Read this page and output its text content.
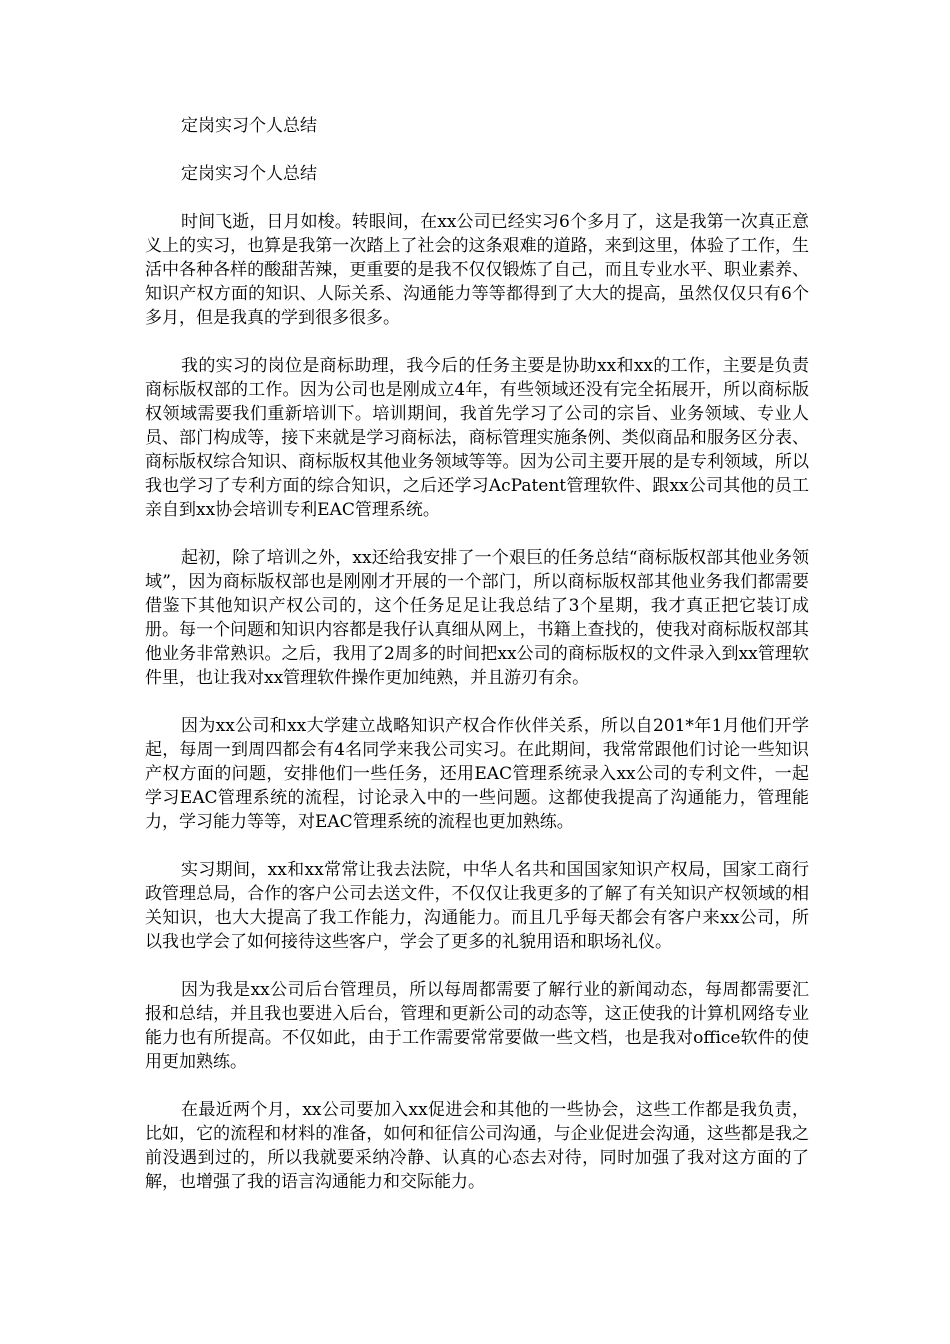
定岗实习个人总结

定岗实习个人总结

时间飞逝，日月如梭。转眼间，在xx公司已经实习6个多月了，这是我第一次真正意义上的实习，也算是我第一次踏上了社会的这条艰难的道路，来到这里，体验了工作，生活中各种各样的酸甜苦辣，更重要的是我不仅仅锻炼了自己，而且专业水平、职业素养、知识产权方面的知识、人际关系、沟通能力等等都得到了大大的提高，虽然仅仅只有6个多月，但是我真的学到很多很多。

我的实习的岗位是商标助理，我今后的任务主要是协助xx和xx的工作，主要是负责商标版权部的工作。因为公司也是刚成立4年，有些领域还没有完全拓展开，所以商标版权领域需要我们重新培训下。培训期间，我首先学习了公司的宗旨、业务领域、专业人员、部门构成等，接下来就是学习商标法，商标管理实施条例、类似商品和服务区分表、商标版权综合知识、商标版权其他业务领域等等。因为公司主要开展的是专利领域，所以我也学习了专利方面的综合知识，之后还学习AcPatent管理软件、跟xx公司其他的员工亲自到xx协会培训专利EAC管理系统。

起初，除了培训之外，xx还给我安排了一个艰巨的任务总结“商标版权部其他业务领域”，因为商标版权部也是刚刚才开展的一个部门，所以商标版权部其他业务我们都需要借鉴下其他知识产权公司的，这个任务足足让我总结了3个星期，我才真正把它装订成册。每一个问题和知识内容都是我仔认真细从网上，书籍上查找的，使我对商标版权部其他业务非常熟识。之后，我用了2周多的时间把xx公司的商标版权的文件录入到xx管理软件里，也让我对xx管理软件操作更加纯熟，并且游刃有余。

因为xx公司和xx大学建立战略知识产权合作伙伴关系，所以自201*年1月他们开学起，每周一到周四都会有4名同学来我公司实习。在此期间，我常常跟他们讨论一些知识产权方面的问题，安排他们一些任务，还用EAC管理系统录入xx公司的专利文件，一起学习EAC管理系统的流程，讨论录入中的一些问题。这都使我提高了沟通能力，管理能力，学习能力等等，对EAC管理系统的流程也更加熟练。

实习期间，xx和xx常常让我去法院，中华人名共和国国家知识产权局，国家工商行政管理总局，合作的客户公司去送文件，不仅仅让我更多的了解了有关知识产权领域的相关知识，也大大提高了我工作能力，沟通能力。而且几乎每天都会有客户来xx公司，所以我也学会了如何接待这些客户，学会了更多的礼貌用语和职场礼仪。

因为我是xx公司后台管理员，所以每周都需要了解行业的新闻动态，每周都需要汇报和总结，并且我也要进入后台，管理和更新公司的动态等，这正使我的计算机网络专业能力也有所提高。不仅如此，由于工作需要常常要做一些文档，也是我对office软件的使用更加熟练。

在最近两个月，xx公司要加入xx促进会和其他的一些协会，这些工作都是我负责，比如，它的流程和材料的准备，如何和征信公司沟通，与企业促进会沟通，这些都是我之前没遇到过的，所以我就要采纳冷静、认真的心态去对待，同时加强了我对这方面的了解，也增强了我的语言沟通能力和交际能力。
